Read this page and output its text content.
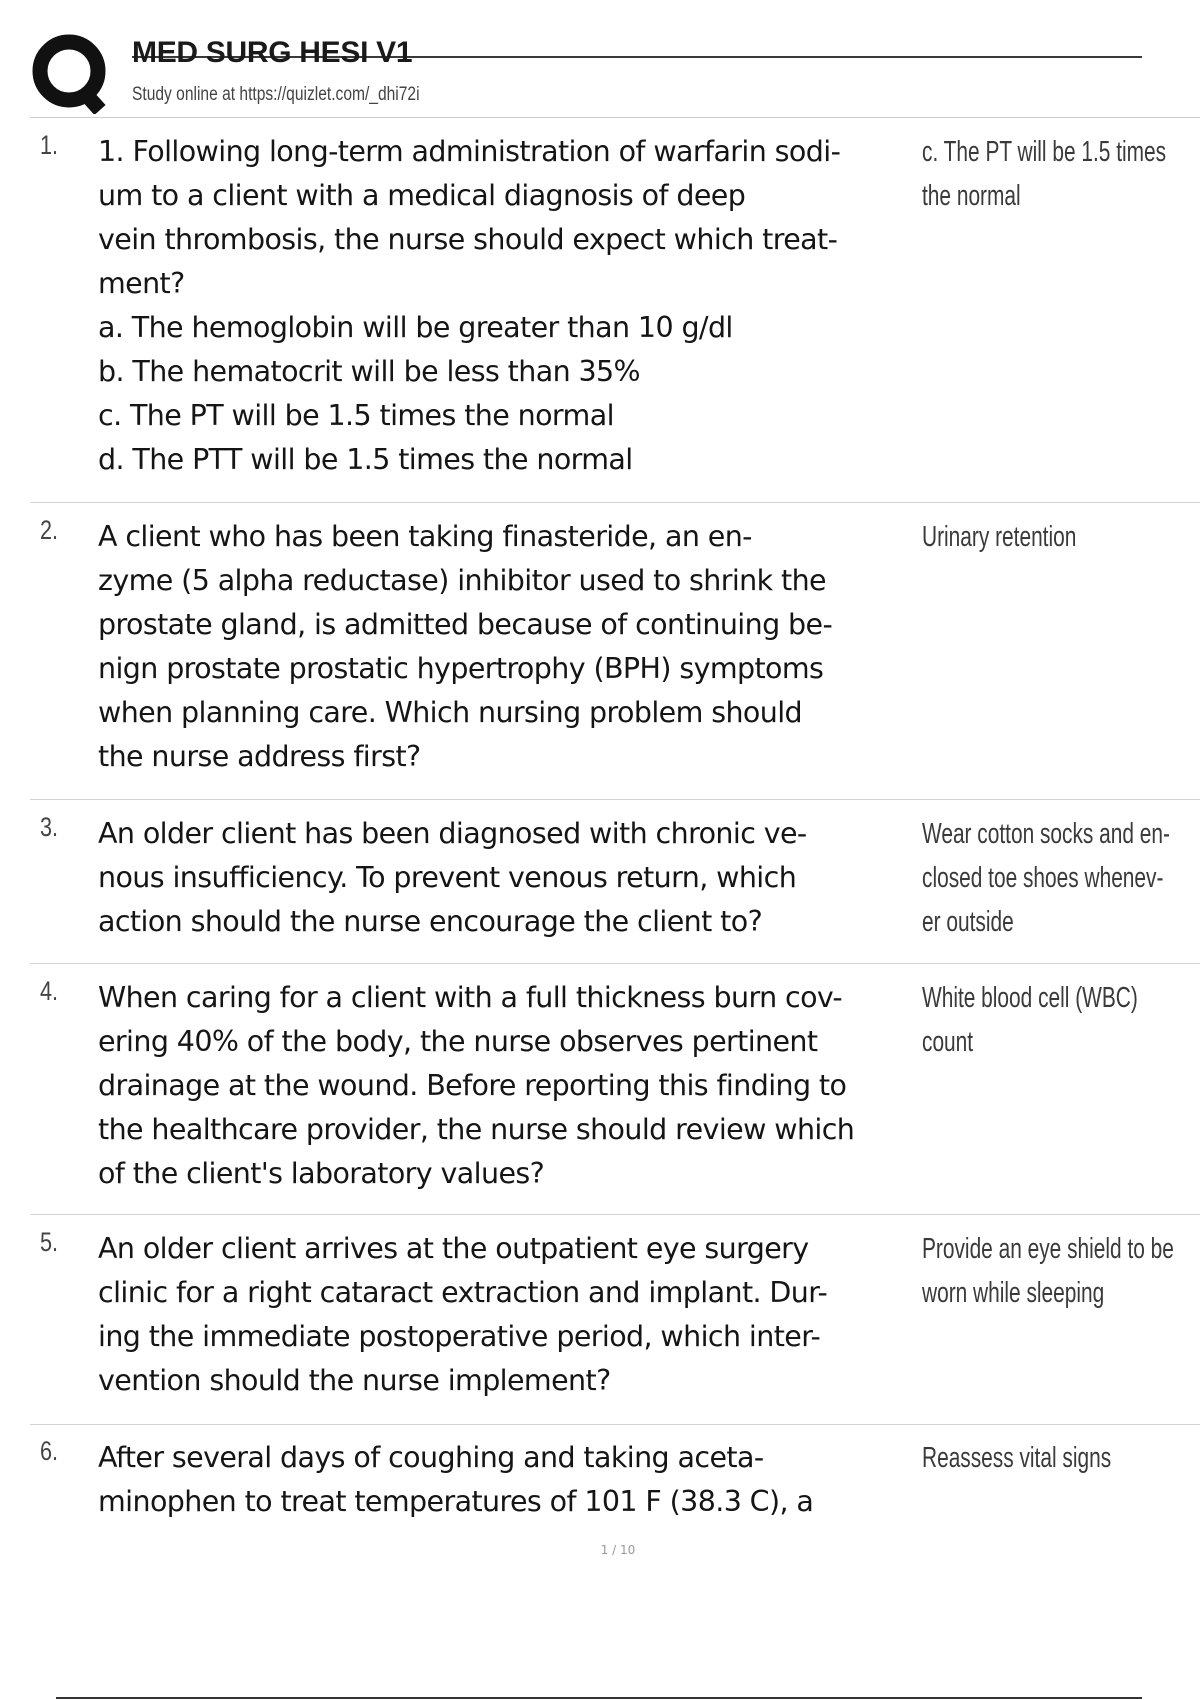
MED SURG HESI V1
Study online at https://quizlet.com/_dhi72i
1. 1. Following long-term administration of warfarin sodi-
um to a client with a medical diagnosis of deep
vein thrombosis, the nurse should expect which treat-
ment?
a. The hemoglobin will be greater than 10 g/dl
b. The hematocrit will be less than 35%
c. The PT will be 1.5 times the normal
d. The PTT will be 1.5 times the normal
c. The PT will be 1.5 times
the normal
2. A client who has been taking finasteride, an en-
zyme (5 alpha reductase) inhibitor used to shrink the
prostate gland, is admitted because of continuing be-
nign prostate prostatic hypertrophy (BPH) symptoms
when planning care. Which nursing problem should
the nurse address first?
Urinary retention
3. An older client has been diagnosed with chronic ve-
nous insufficiency. To prevent venous return, which
action should the nurse encourage the client to?
Wear cotton socks and en-
closed toe shoes whenev-
er outside
4. When caring for a client with a full thickness burn cov-
ering 40% of the body, the nurse observes pertinent
drainage at the wound. Before reporting this finding to
the healthcare provider, the nurse should review which
of the client's laboratory values?
White blood cell (WBC)
count
5. An older client arrives at the outpatient eye surgery
clinic for a right cataract extraction and implant. Dur-
ing the immediate postoperative period, which inter-
vention should the nurse implement?
Provide an eye shield to be
worn while sleeping
6. After several days of coughing and taking aceta-
minophen to treat temperatures of 101 F (38.3 C), a
Reassess vital signs
1 / 10
